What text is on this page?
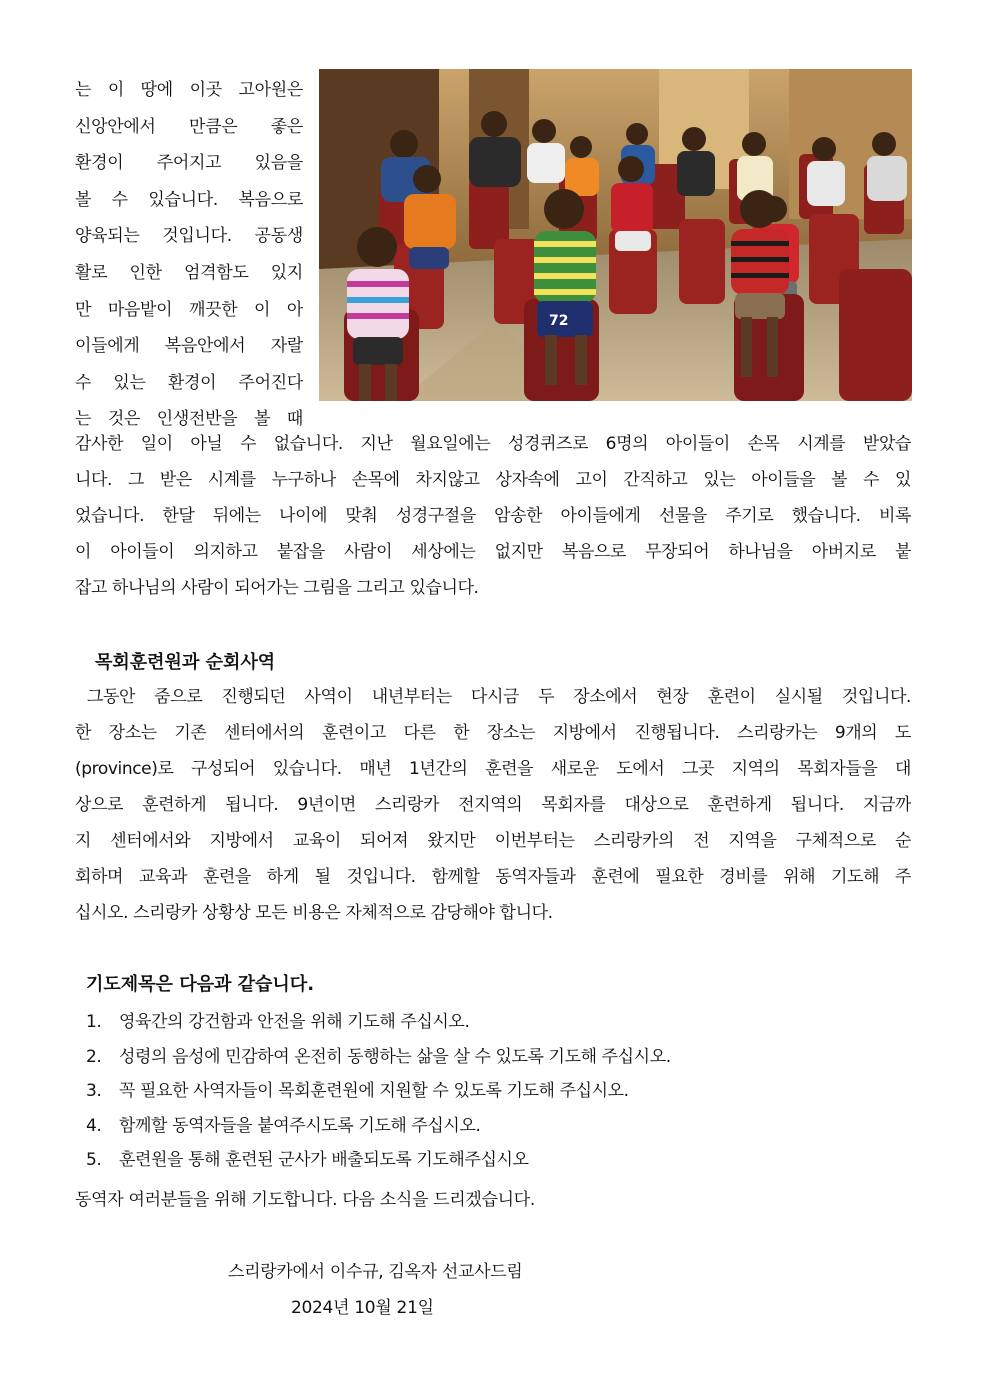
72
는 이 땅에 이곳 고아원은
신앙안에서 만큼은 좋은
환경이 주어지고 있음을
볼 수 있습니다. 복음으로
양육되는 것입니다. 공동생
활로 인한 엄격함도 있지
만 마음밭이 깨끗한 이 아
이들에게 복음안에서 자랄
수 있는 환경이 주어진다
는 것은 인생전반을 볼 때
감사한 일이 아닐 수 없습니다. 지난 월요일에는 성경퀴즈로 6명의 아이들이 손목 시계를 받았습
니다. 그 받은 시계를 누구하나 손목에 차지않고 상자속에 고이 간직하고 있는 아이들을 볼 수 있
었습니다. 한달 뒤에는 나이에 맞춰 성경구절을 암송한 아이들에게 선물을 주기로 했습니다. 비록
이 아이들이 의지하고 붙잡을 사람이 세상에는 없지만 복음으로 무장되어 하나님을 아버지로 붙
잡고 하나님의 사람이 되어가는 그림을 그리고 있습니다.
목회훈련원과 순회사역
그동안 줌으로 진행되던 사역이 내년부터는 다시금 두 장소에서 현장 훈련이 실시될 것입니다.
한 장소는 기존 센터에서의 훈련이고 다른 한 장소는 지방에서 진행됩니다. 스리랑카는 9개의 도
(province)로 구성되어 있습니다. 매년 1년간의 훈련을 새로운 도에서 그곳 지역의 목회자들을 대
상으로 훈련하게 됩니다. 9년이면 스리랑카 전지역의 목회자를 대상으로 훈련하게 됩니다. 지금까
지 센터에서와 지방에서 교육이 되어져 왔지만 이번부터는 스리랑카의 전 지역을 구체적으로 순
회하며 교육과 훈련을 하게 될 것입니다. 함께할 동역자들과 훈련에 필요한 경비를 위해 기도해 주
십시오. 스리랑카 상황상 모든 비용은 자체적으로 감당해야 합니다.
기도제목은 다음과 같습니다.
1.	영육간의 강건함과 안전을 위해 기도해 주십시오.
2.	성령의 음성에 민감하여 온전히 동행하는 삶을 살 수 있도록 기도해 주십시오.
3.	꼭 필요한 사역자들이 목회훈련원에 지원할 수 있도록 기도해 주십시오.
4.	함께할 동역자들을 붙여주시도록 기도해 주십시오.
5.	훈련원을 통해 훈련된 군사가 배출되도록 기도해주십시오
동역자 여러분들을 위해 기도합니다. 다음 소식을 드리겠습니다.
스리랑카에서 이수규, 김옥자 선교사드림
2024년 10월 21일
